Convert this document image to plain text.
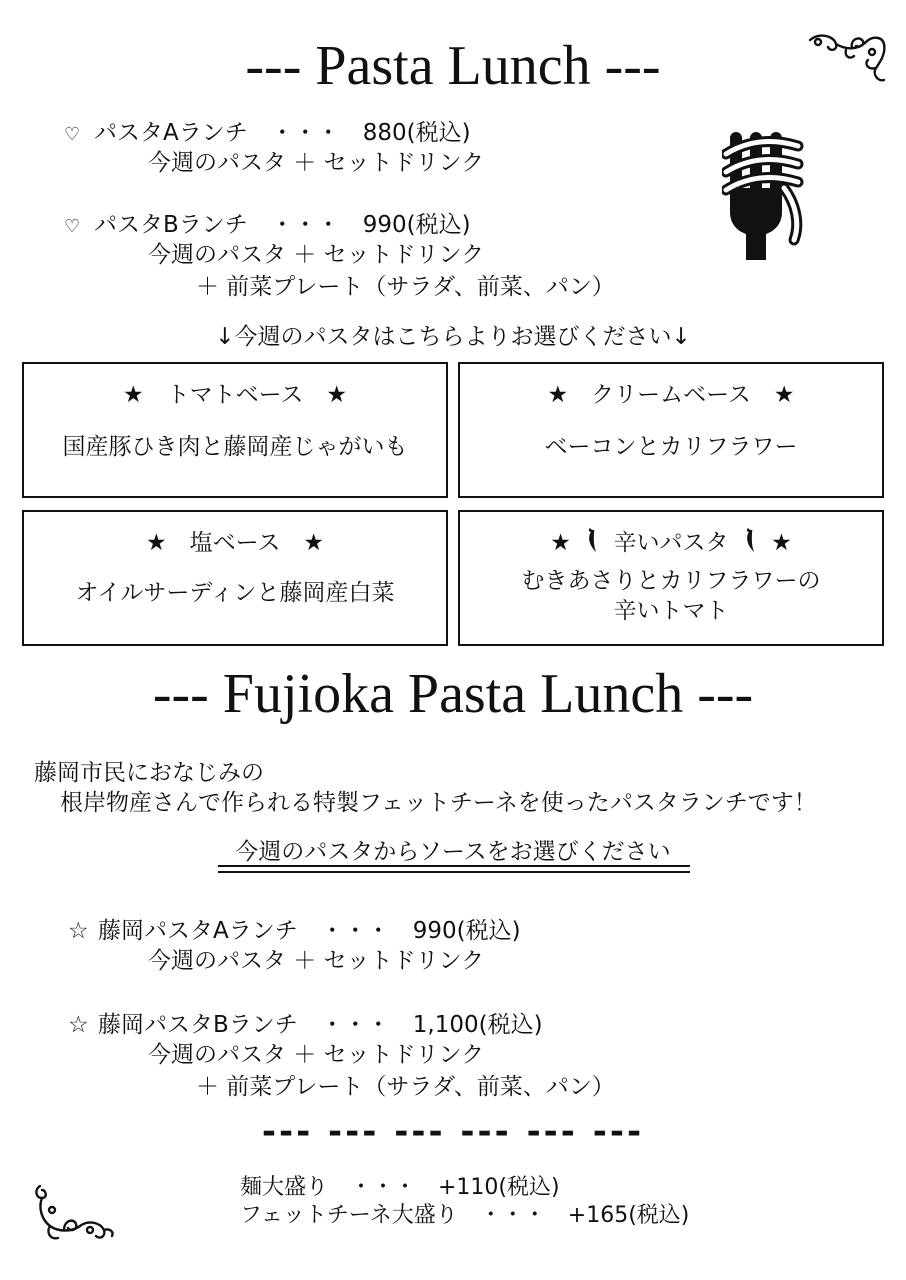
--- Pasta Lunch ---
♡ パスタAランチ　・・・　880(税込)
今週のパスタ ＋ セットドリンク
♡ パスタBランチ　・・・　990(税込)
今週のパスタ ＋ セットドリンク
＋ 前菜プレート（サラダ、前菜、パン）
↓今週のパスタはこちらよりお選びください↓
★　トマトベース　★
国産豚ひき肉と藤岡産じゃがいも
★　クリームベース　★
ベーコンとカリフラワー
★　塩ベース　★
オイルサーディンと藤岡産白菜
★ 辛いパスタ ★
むきあさりとカリフラワーの
辛いトマト
--- Fujioka Pasta Lunch ---
藤岡市民におなじみの
根岸物産さんで作られる特製フェットチーネを使ったパスタランチです！
今週のパスタからソースをお選びください
☆ 藤岡パスタAランチ　・・・　990(税込)
今週のパスタ ＋ セットドリンク
☆ 藤岡パスタBランチ　・・・　1,100(税込)
今週のパスタ ＋ セットドリンク
＋ 前菜プレート（サラダ、前菜、パン）
--- --- --- --- --- ---
麺大盛り　・・・　+110(税込)
フェットチーネ大盛り　・・・　+165(税込)
